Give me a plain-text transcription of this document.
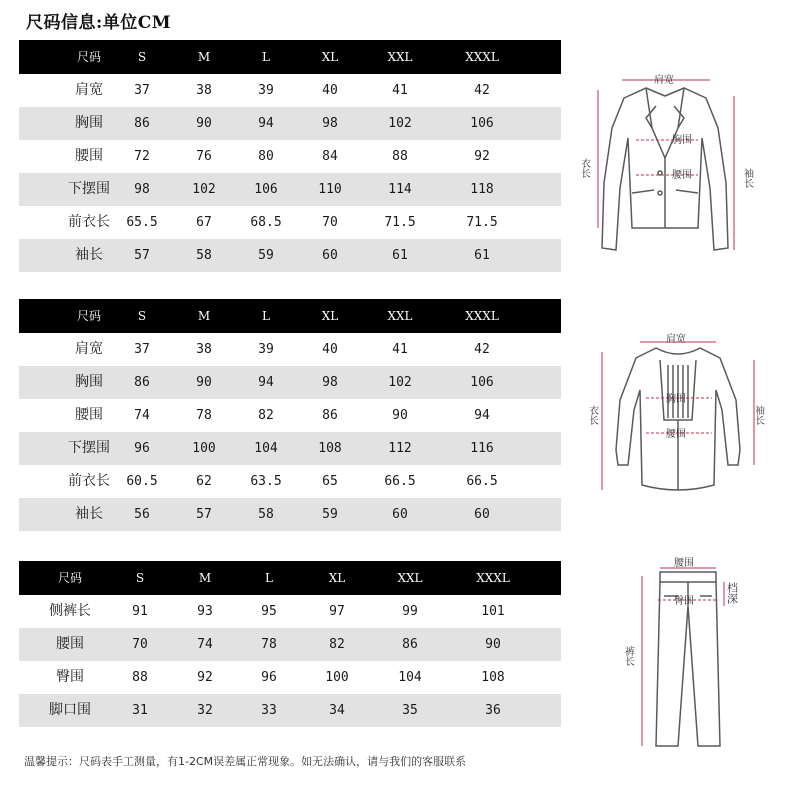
尺码信息:单位CM
尺码	S	M	L	XL	XXL	XXXL
肩宽 37	38	39	40	41	42
胸围 86	90	94	98	102	106
腰围 72	76	80	84	88	92
下摆围 98	102	106	110	114	118
前衣长 65.5	67	68.5	70	71.5	71.5
袖长 57	58	59	60	61	61
尺码	S	M	L	XL	XXL	XXXL
肩宽 37	38	39	40	41	42
胸围 86	90	94	98	102	106
腰围 74	78	82	86	90	94
下摆围 96	100	104	108	112	116
前衣长 60.5	62	63.5	65	66.5	66.5
袖长 56	57	58	59	60	60
尺码	S	M	L	XL	XXL	XXXL
侧裤长	91	93	95	97	99	101
腰围	70	74	78	82	86	90
臀围	88	92	96	100	104	108
脚口围	31	32	33	34	35	36
肩宽
胸围
腰围
衣长	袖长
肩宽
胸围
腰围
衣长	袖长
腰围
臀围	档深
裤长
温馨提示：尺码表手工测量，有1-2CM误差属正常现象。如无法确认，请与我们的客服联系
